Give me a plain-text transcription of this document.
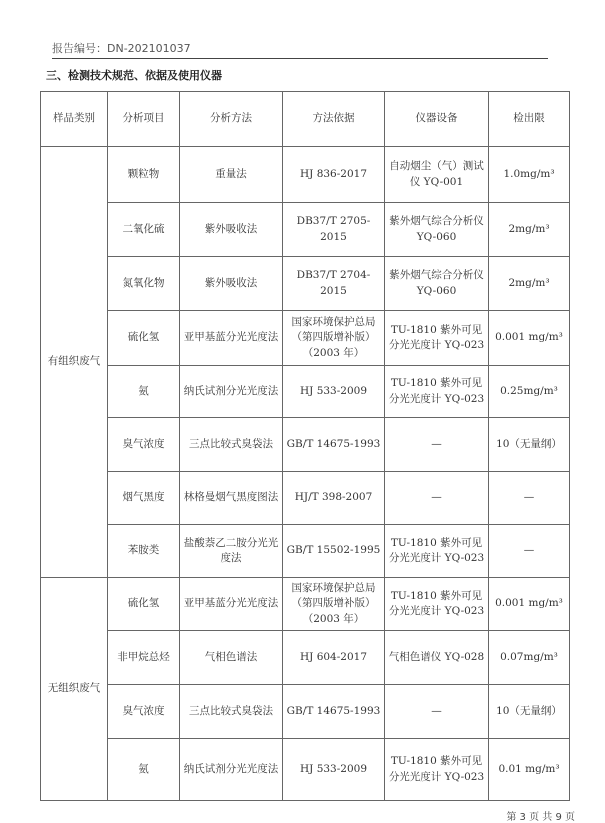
报告编号：DN-202101037
三、检测技术规范、依据及使用仪器
样品类别	分析项目	分析方法	方法依据	仪器设备	检出限
有组织废气	颗粒物	重量法	HJ 836-2017	自动烟尘（气）测试仪 YQ-001	1.0mg/m³
	二氧化硫	紫外吸收法	DB37/T 2705-2015	紫外烟气综合分析仪YQ-060	2mg/m³
	氮氧化物	紫外吸收法	DB37/T 2704-2015	紫外烟气综合分析仪YQ-060	2mg/m³
	硫化氢	亚甲基蓝分光光度法	国家环境保护总局（第四版增补版）（2003 年）	TU-1810 紫外可见分光光度计 YQ-023	0.001 mg/m³
	氨	纳氏试剂分光光度法	HJ 533-2009	TU-1810 紫外可见分光光度计 YQ-023	0.25mg/m³
	臭气浓度	三点比较式臭袋法	GB/T 14675-1993	—	10（无量纲）
	烟气黑度	林格曼烟气黑度图法	HJ/T 398-2007	—	—
	苯胺类	盐酸萘乙二胺分光光度法	GB/T 15502-1995	TU-1810 紫外可见分光光度计 YQ-023	—
无组织废气	硫化氢	亚甲基蓝分光光度法	国家环境保护总局（第四版增补版）（2003 年）	TU-1810 紫外可见分光光度计 YQ-023	0.001 mg/m³
	非甲烷总烃	气相色谱法	HJ 604-2017	气相色谱仪 YQ-028	0.07mg/m³
	臭气浓度	三点比较式臭袋法	GB/T 14675-1993	—	10（无量纲）
	氨	纳氏试剂分光光度法	HJ 533-2009	TU-1810 紫外可见分光光度计 YQ-023	0.01 mg/m³
第 3 页 共 9 页
